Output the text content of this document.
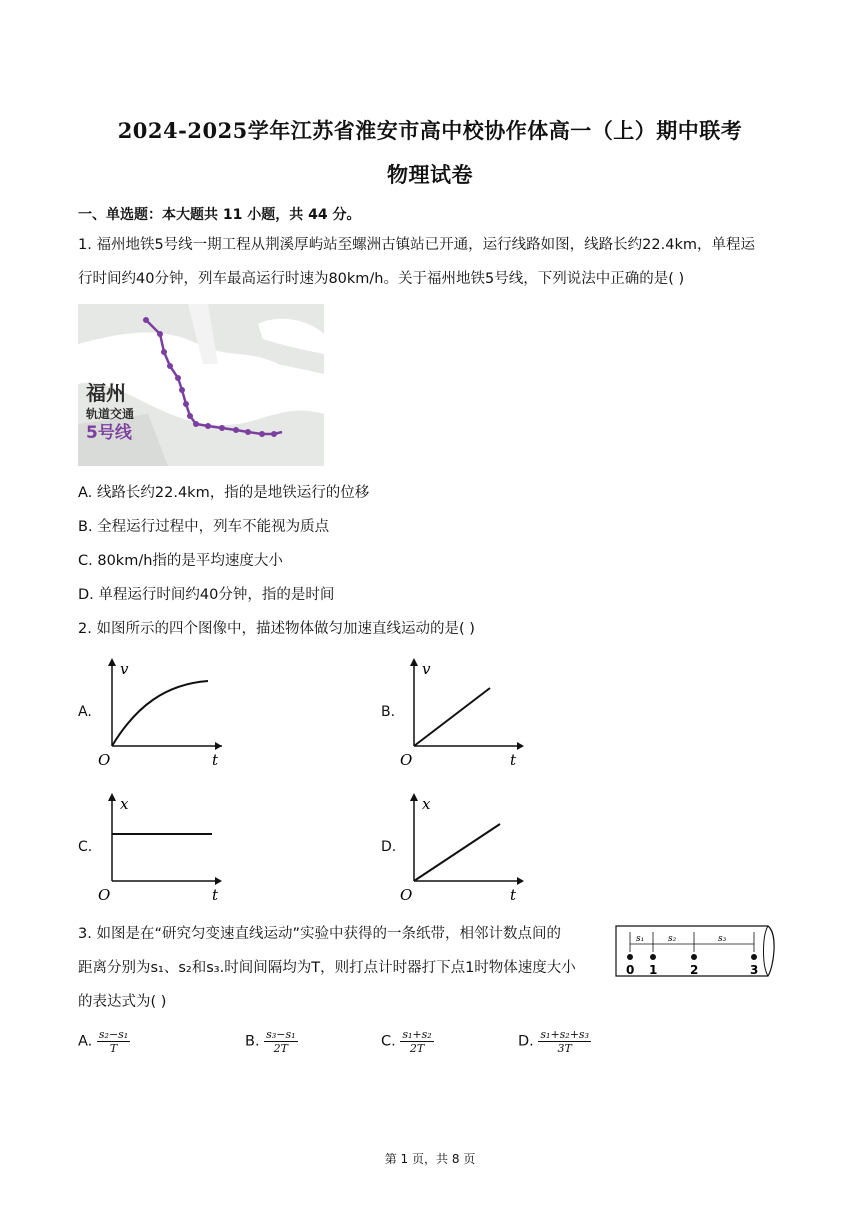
2024-2025学年江苏省淮安市高中校协作体高一（上）期中联考
物理试卷
一、单选题：本大题共 11 小题，共 44 分。
1. 福州地铁5号线一期工程从荆溪厚屿站至螺洲古镇站已开通，运行线路如图，线路长约22.4km，单程运
行时间约40分钟，列车最高运行时速为80km/h。关于福州地铁5号线，下列说法中正确的是( )
福州
轨道交通
5号线
A. 线路长约22.4km，指的是地铁运行的位移
B. 全程运行过程中，列车不能视为质点
C. 80km/h指的是平均速度大小
D. 单程运行时间约40分钟，指的是时间
2. 如图所示的四个图像中，描述物体做匀加速直线运动的是( )
A.
v
O	t
B.
v
O	t
C.
x
O	t
D.
x
O	t
3. 如图是在“研究匀变速直线运动”实验中获得的一条纸带，相邻计数点间的
距离分别为s₁、s₂和s₃.时间间隔均为T，则打点计时器打下点1时物体速度大小
的表达式为( )
s₁	s₂	s₃
0 1	2	3
A. $\frac{\text{s₂−s₁}}{T}$	B. $\frac{\text{s₃−s₁}}{2T}$	C. $\frac{\text{s₁+s₂}}{2T}$	D. $\frac{\text{s₁+s₂+s₃}}{3T}$
第 1 页，共 8 页
